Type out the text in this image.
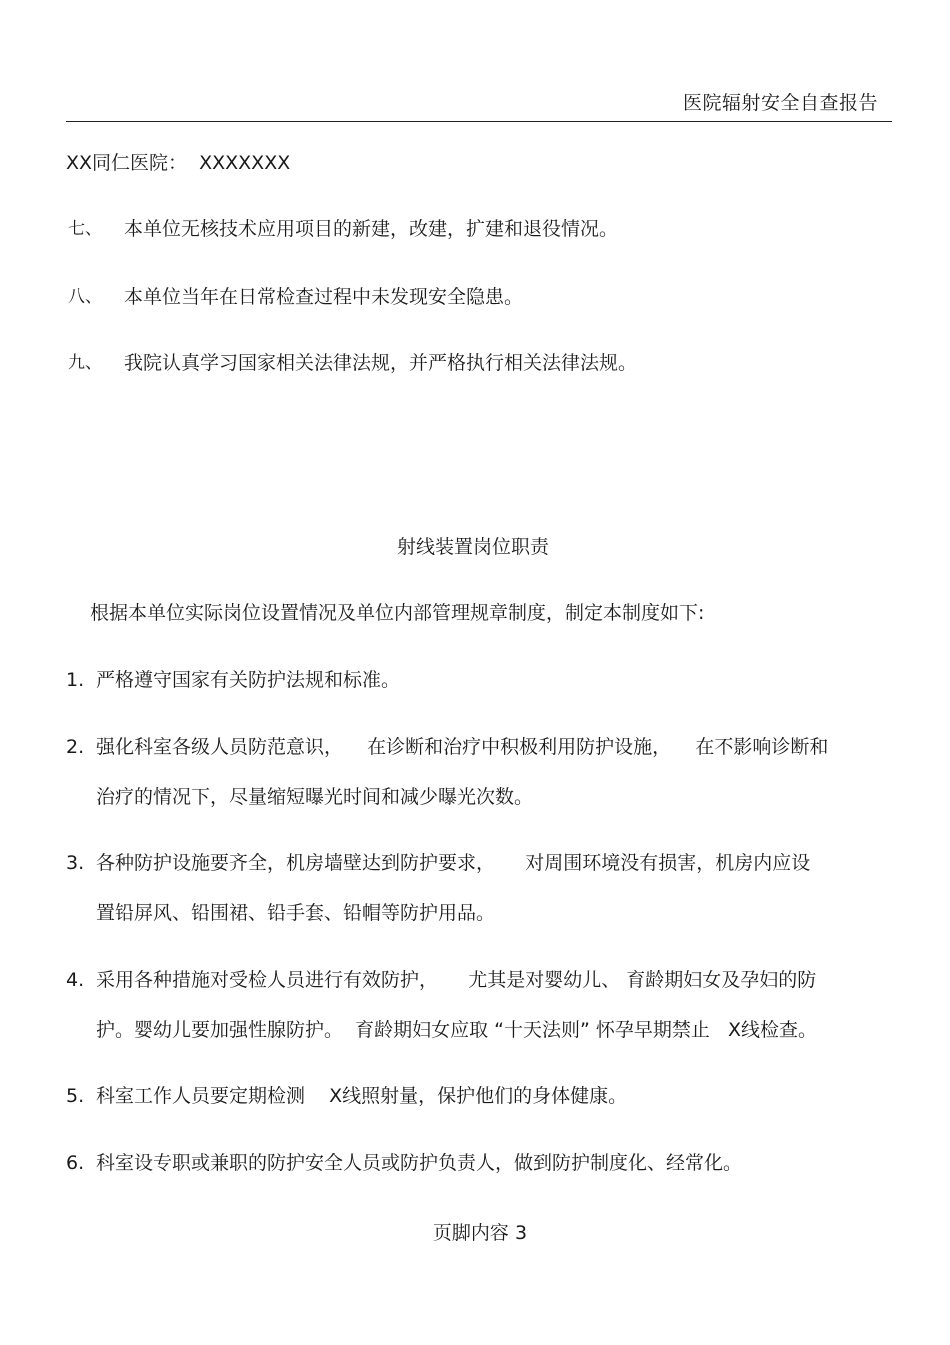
医院辐射安全自查报告
XX同仁医院：  XXXXXXX
七、 本单位无核技术应用项目的新建，改建，扩建和退役情况。
八、 本单位当年在日常检查过程中未发现安全隐患。
九、 我院认真学习国家相关法律法规，并严格执行相关法律法规。
射线装置岗位职责
根据本单位实际岗位设置情况及单位内部管理规章制度，制定本制度如下:
1. 严格遵守国家有关防护法规和标准。
2. 强化科室各级人员防范意识，    在诊断和治疗中积极利用防护设施，    在不影响诊断和
治疗的情况下，尽量缩短曝光时间和减少曝光次数。
3. 各种防护设施要齐全，机房墙壁达到防护要求，     对周围环境没有损害，机房内应设
置铅屏风、铅围裙、铅手套、铅帽等防护用品。
4. 采用各种措施对受检人员进行有效防护，     尤其是对婴幼儿、 育龄期妇女及孕妇的防
护。婴幼儿要加强性腺防护。  育龄期妇女应取 “十天法则” 怀孕早期禁止   X线检查。
5. 科室工作人员要定期检测    X线照射量，保护他们的身体健康。
6. 科室设专职或兼职的防护安全人员或防护负责人，做到防护制度化、经常化。
页脚内容 3
